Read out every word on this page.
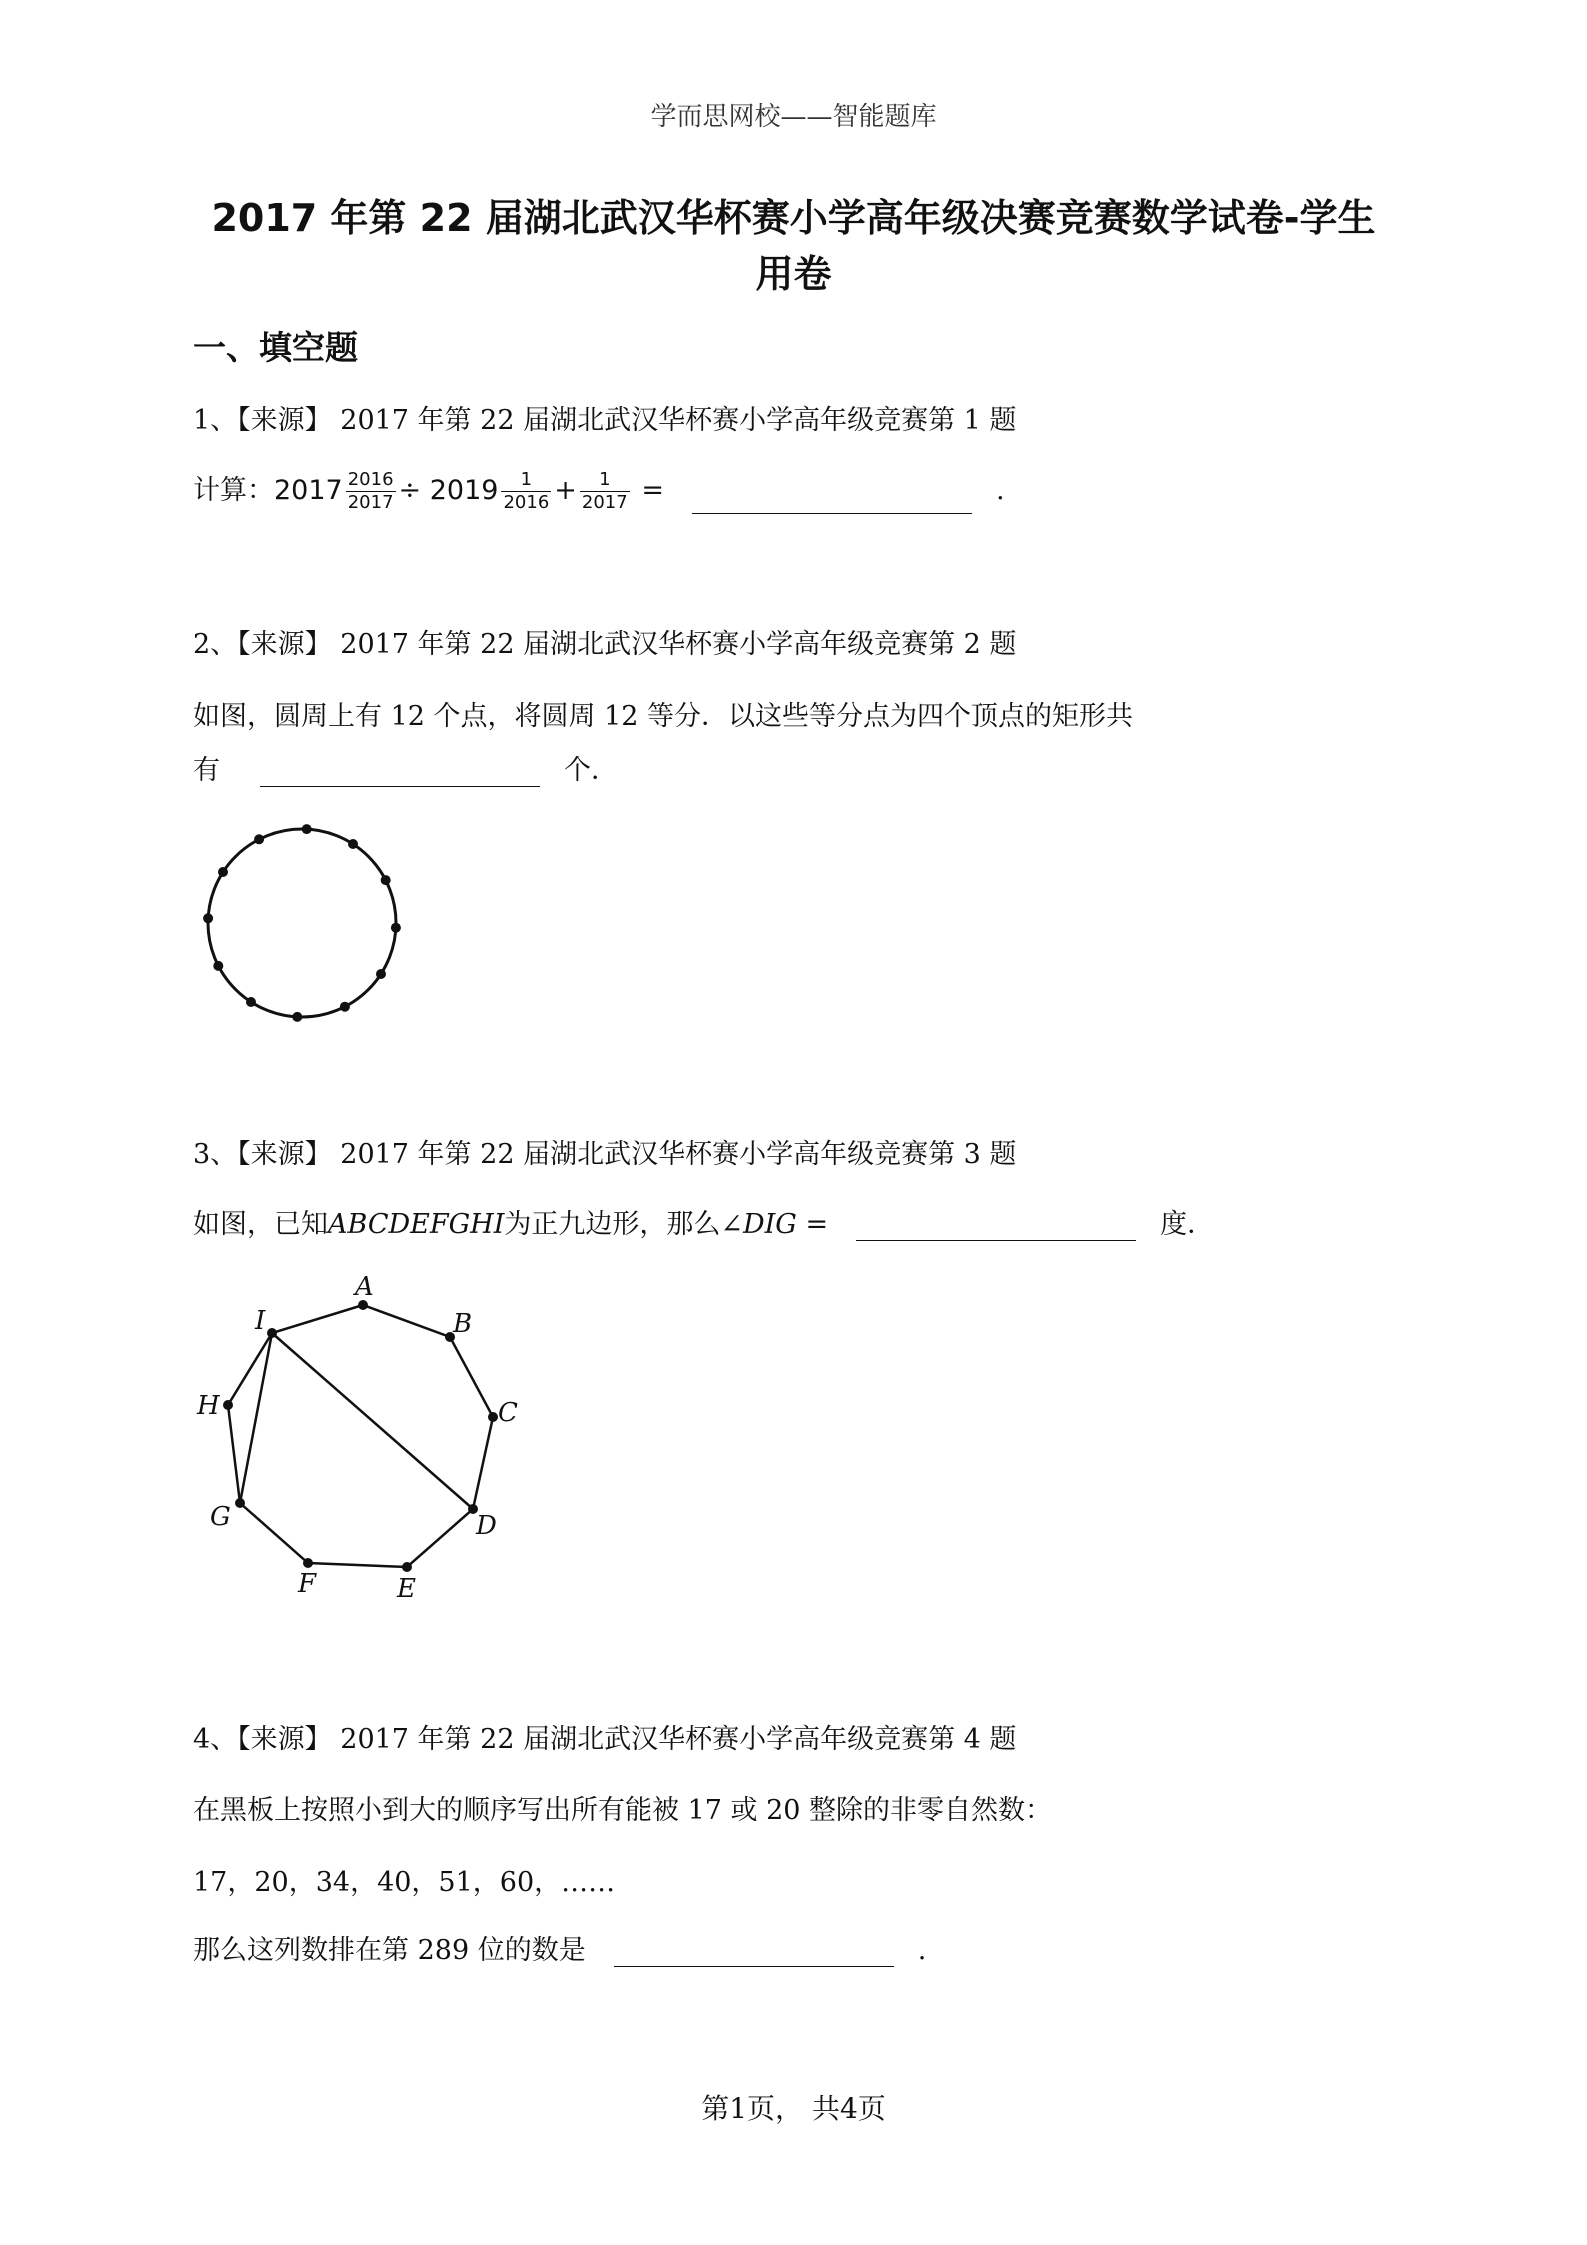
学而思网校——智能题库
2017 年第 22 届湖北武汉华杯赛小学高年级决赛竞赛数学试卷-学生
用卷
一、填空题
1、【来源】 2017 年第 22 届湖北武汉华杯赛小学高年级竞赛第 1 题
计算：$2017 \frac{2016}{2017} \div 2019 \frac{1}{2016} + \frac{1}{2017}$ =	.
2、【来源】 2017 年第 22 届湖北武汉华杯赛小学高年级竞赛第 2 题
如图，圆周上有 12 个点，将圆周 12 等分．以这些等分点为四个顶点的矩形共
有	个．
3、【来源】 2017 年第 22 届湖北武汉华杯赛小学高年级竞赛第 3 题
如图，已知ABCDEFGHI为正九边形，那么∠DIG =	度．
A
B
C
D
E
F
G
H
I
4、【来源】 2017 年第 22 届湖北武汉华杯赛小学高年级竞赛第 4 题
在黑板上按照小到大的顺序写出所有能被 17 或 20 整除的非零自然数：
17，20，34，40，51，60，……
那么这列数排在第 289 位的数是	.
第1页， 共4页
